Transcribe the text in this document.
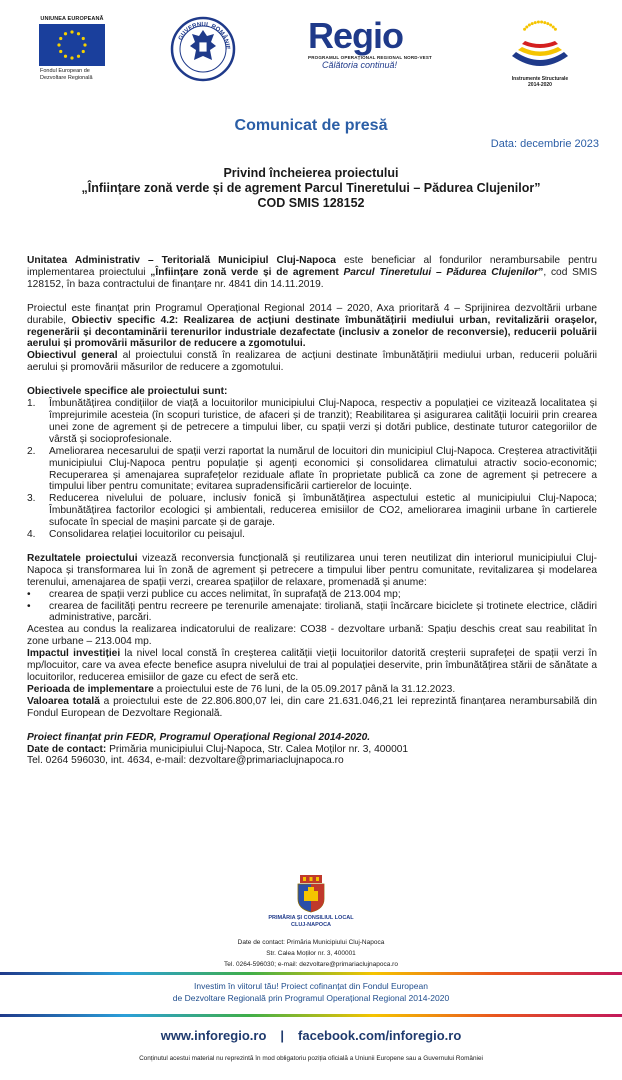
UNIUNEA EUROPEANĂ
Fondul European de
Dezvoltare Regională
GUVERNUL ROMÂNIE Regio
PROGRAMUL OPERAȚIONAL REGIONAL NORD-VEST
Călătoria continuă!
Instrumente Structurale
2014-2020
Comunicat de presă
Data: decembrie 2023
Privind încheierea proiectului
„Înființare zonă verde și de agrement Parcul Tineretului – Pădurea Clujenilor”
COD SMIS 128152

Unitatea Administrativ – Teritorială Municipiul Cluj-Napoca este beneficiar al fondurilor nerambursabile pentru implementarea proiectului „Înființare zonă verde și de agrement Parcul Tineretului – Pădurea Clujenilor”, cod SMIS 128152, în baza contractului de finanțare nr. 4841 din 14.11.2019.

Proiectul este finanțat prin Programul Operațional Regional 2014 – 2020, Axa prioritară 4 – Sprijinirea dezvoltării urbane durabile, Obiectiv specific 4.2: Realizarea de acțiuni destinate îmbunătățirii mediului urban, revitalizării orașelor, regenerării și decontaminării terenurilor industriale dezafectate (inclusiv a zonelor de reconversie), reducerii poluării aerului și promovării măsurilor de reducere a zgomotului.

Obiectivul general al proiectului constă în realizarea de acțiuni destinate îmbunătățirii mediului urban, reducerii poluării aerului și promovării măsurilor de reducere a zgomotului.

Obiectivele specifice ale proiectului sunt:

1. Îmbunătățirea condițiilor de viață a locuitorilor municipiului Cluj-Napoca, respectiv a populației ce vizitează localitatea și împrejurimile acesteia (în scopuri turistice, de afaceri și de tranzit); Reabilitarea și asigurarea calității locuirii prin crearea unei zone de agrement și de petrecere a timpului liber, cu spații verzi și dotări publice, destinate tuturor categoriilor de vârstă și socioprofesionale.
2. Ameliorarea necesarului de spații verzi raportat la numărul de locuitori din municipiul Cluj-Napoca. Creșterea atractivității municipiului Cluj-Napoca pentru populație și agenți economici și consolidarea climatului atractiv socio-economic; Recuperarea și amenajarea suprafețelor reziduale aflate în proprietate publică ca zone de agrement și petrecere a timpului liber pentru comunitate; evitarea supradensificării cartierelor de locuințe.
3. Reducerea nivelului de poluare, inclusiv fonică și îmbunătățirea aspectului estetic al municipiului Cluj-Napoca; Îmbunătățirea factorilor ecologici și ambientali, reducerea emisiilor de CO2, ameliorarea imaginii urbane în cartierele sufocate în special de mașini parcate și de garaje.
4. Consolidarea relației locuitorilor cu peisajul.

Rezultatele proiectului vizează reconversia funcțională și reutilizarea unui teren neutilizat din interiorul municipiului Cluj-Napoca și transformarea lui în zonă de agrement și petrecere a timpului liber pentru comunitate, revitalizarea și modelarea terenului, amenajarea de spații verzi, crearea spațiilor de relaxare, promenadă și anume:

• crearea de spații verzi publice cu acces nelimitat, în suprafață de 213.004 mp;
• crearea de facilități pentru recreere pe terenurile amenajate: tiroliană, stații încărcare biciclete și trotinete electrice, clădiri administrative, parcări.

Acestea au condus la realizarea indicatorului de realizare: CO38 - dezvoltare urbană: Spațiu deschis creat sau reabilitat în zone urbane – 213.004 mp.

Impactul investiției la nivel local constă în creșterea calității vieții locuitorilor datorită creșterii suprafeței de spații verzi în mp/locuitor, care va avea efecte benefice asupra nivelului de trai al populației deservite, prin îmbunătățirea stării de sănătate a locuitorilor, reducerea emisiilor de gaze cu efect de seră etc.

Perioada de implementare a proiectului este de 76 luni, de la 05.09.2017 până la 31.12.2023.

Valoarea totală a proiectului este de 22.806.800,07 lei, din care 21.631.046,21 lei reprezintă finanțarea nerambursabilă din Fondul European de Dezvoltare Regională.

Proiect finanțat prin FEDR, Programul Operațional Regional 2014-2020.

Date de contact: Primăria municipiului Cluj-Napoca, Str. Calea Moților nr. 3, 400001

Tel. 0264 596030, int. 4634, e-mail: dezvoltare@primariaclujnapoca.ro

PRIMĂRIA ȘI CONSILIUL LOCAL
CLUJ-NAPOCA
Date de contact: Primăria Municipiului Cluj-Napoca
Str. Calea Moților nr. 3, 400001
Tel. 0264-596030; e-mail: dezvoltare@primariaclujnapoca.ro
Investim în viitorul tău! Proiect cofinanțat din Fondul European
de Dezvoltare Regională prin Programul Operațional Regional 2014-2020
www.inforegio.ro | facebook.com/inforegio.ro
Conținutul acestui material nu reprezintă în mod obligatoriu poziția oficială a Uniunii Europene sau a Guvernului României
